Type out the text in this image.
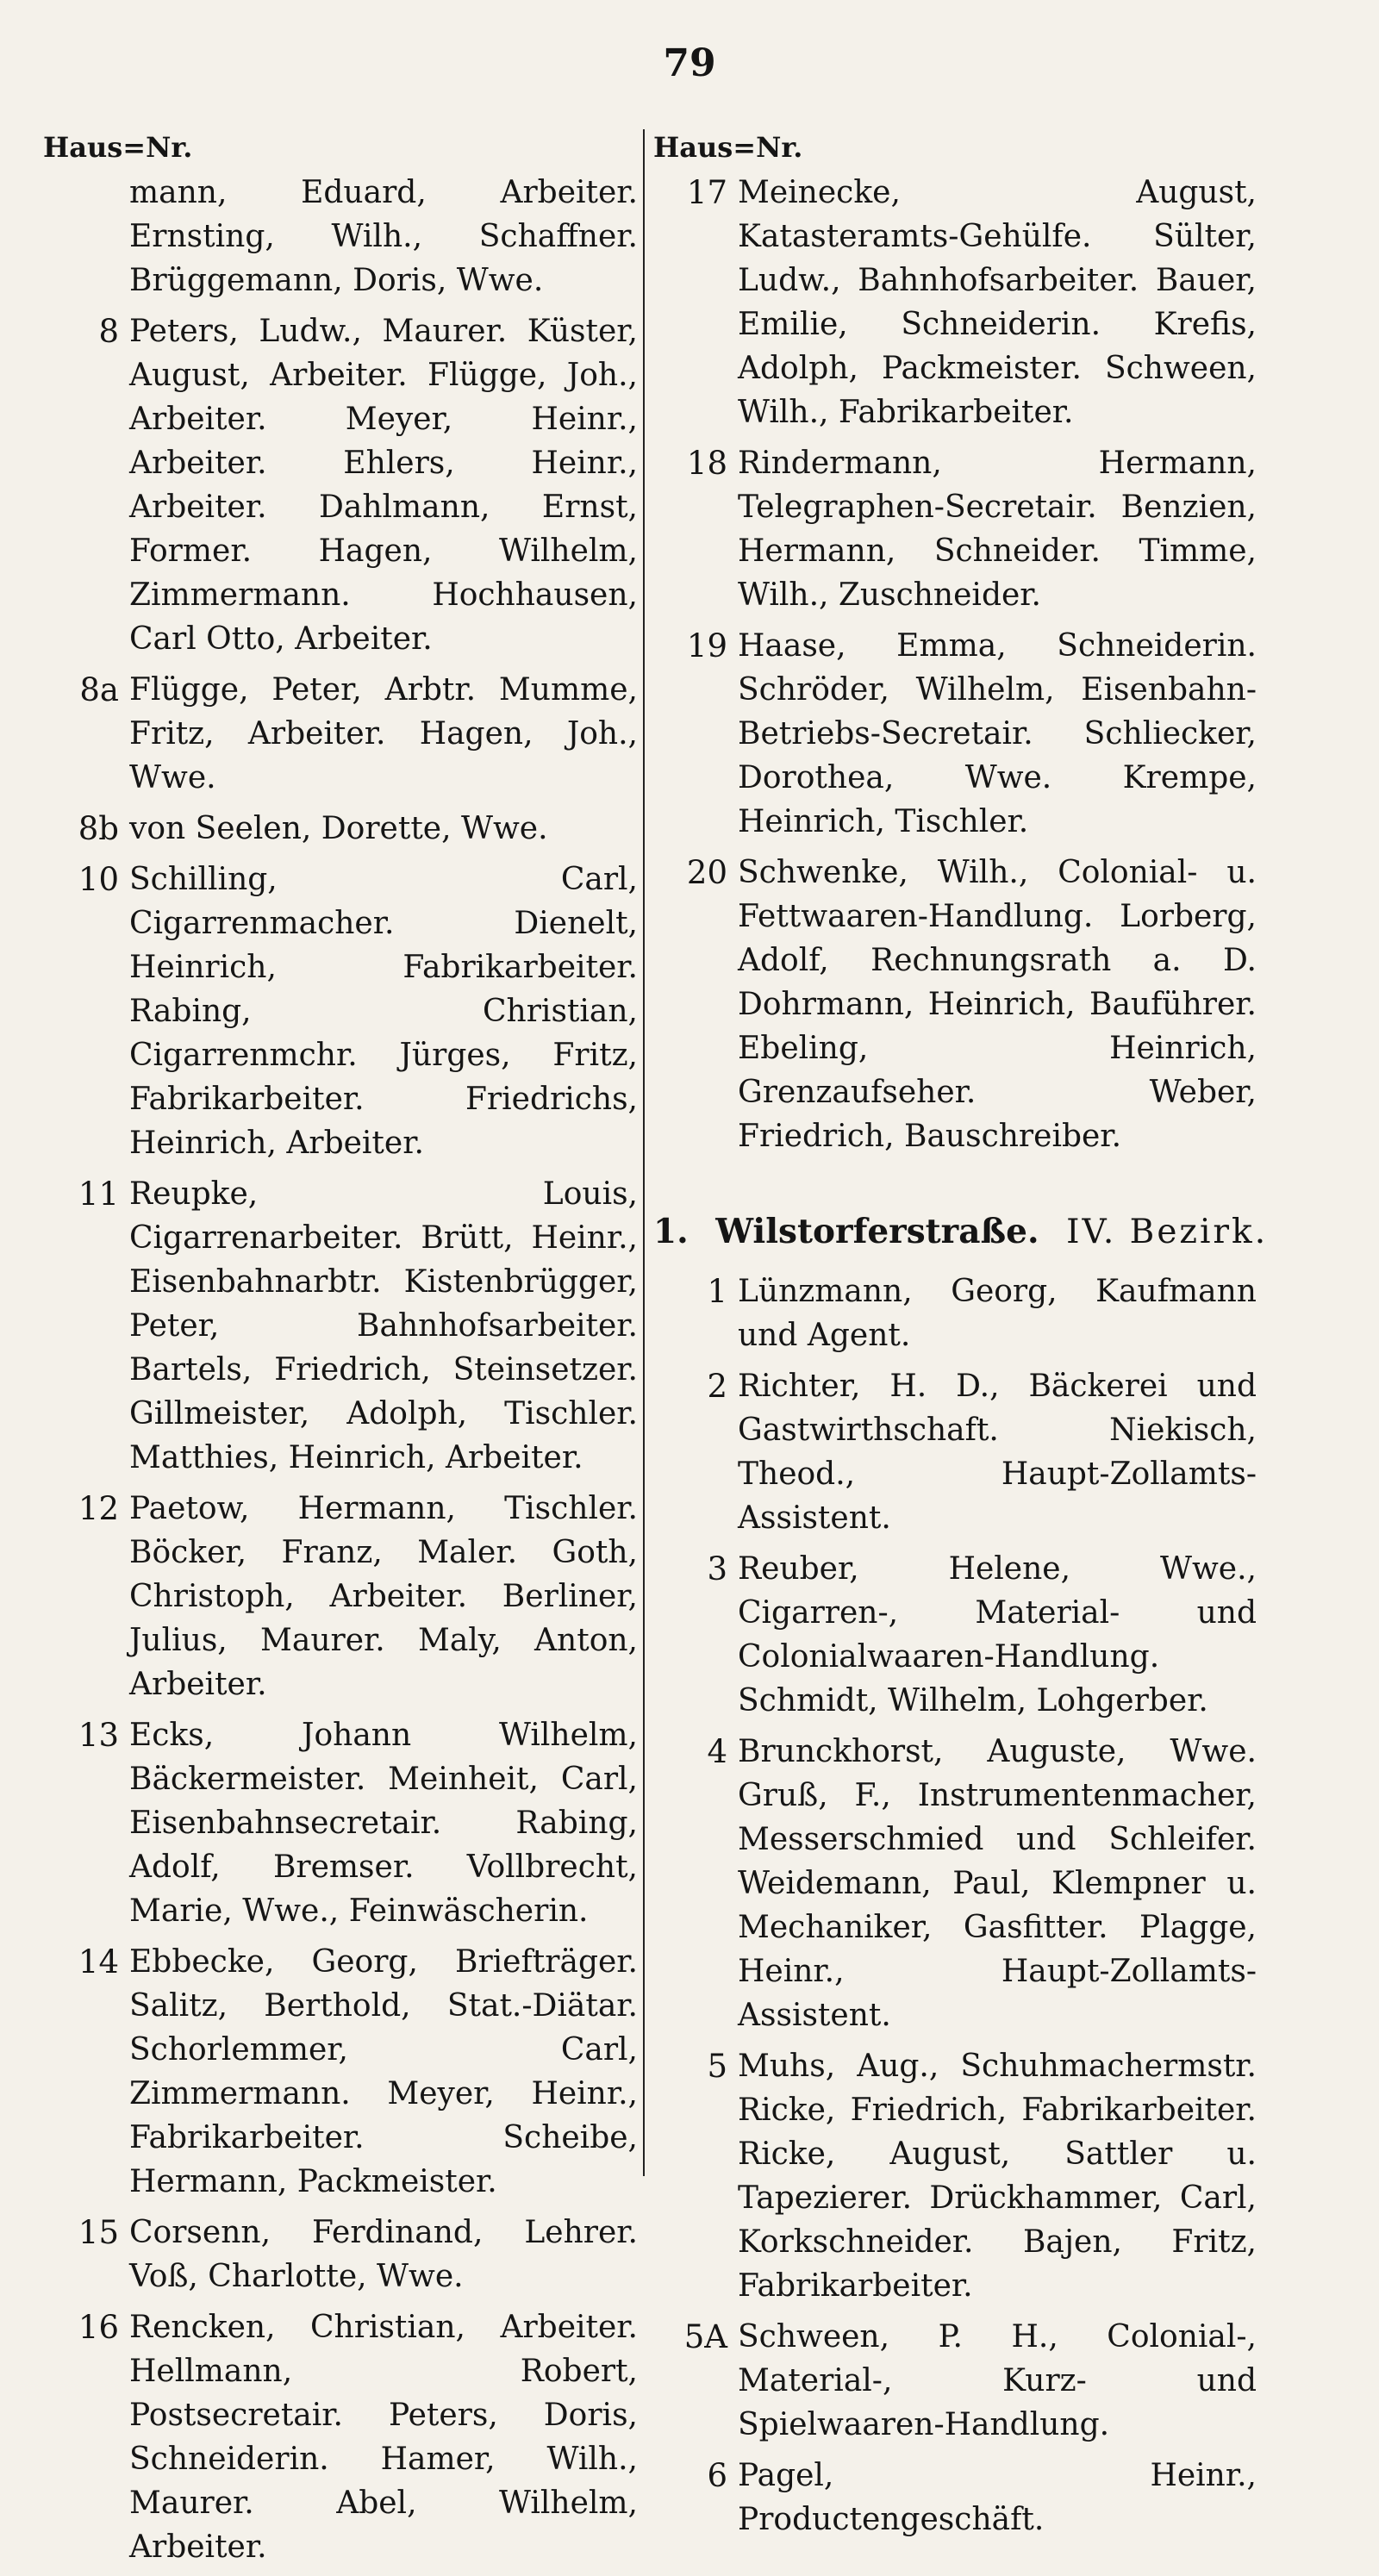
79
Haus=Nr.
mann, Eduard, Arbeiter. Ernsting, Wilh., Schaffner. Brüggemann, Doris, Wwe.
8 Peters, Ludw., Maurer. Küster, August, Arbeiter. Flügge, Joh., Arbeiter. Meyer, Heinr., Arbeiter. Ehlers, Heinr., Arbeiter. Dahlmann, Ernst, Former. Hagen, Wilhelm, Zimmermann. Hochhausen, Carl Otto, Arbeiter.
8a Flügge, Peter, Arbtr. Mumme, Fritz, Arbeiter. Hagen, Joh., Wwe.
8b von Seelen, Dorette, Wwe.
10 Schilling, Carl, Cigarrenmacher. Dienelt, Heinrich, Fabrikarbeiter. Rabing, Christian, Cigarrenmchr. Jürges, Fritz, Fabrikarbeiter. Friedrichs, Heinrich, Arbeiter.
11 Reupke, Louis, Cigarrenarbeiter. Brütt, Heinr., Eisenbahnarbtr. Kistenbrügger, Peter, Bahnhofsarbeiter. Bartels, Friedrich, Steinsetzer. Gillmeister, Adolph, Tischler. Matthies, Heinrich, Arbeiter.
12 Paetow, Hermann, Tischler. Böcker, Franz, Maler. Goth, Christoph, Arbeiter. Berliner, Julius, Maurer. Maly, Anton, Arbeiter.
13 Ecks, Johann Wilhelm, Bäckermeister. Meinheit, Carl, Eisenbahnsecretair. Rabing, Adolf, Bremser. Vollbrecht, Marie, Wwe., Feinwäscherin.
14 Ebbecke, Georg, Briefträger. Salitz, Berthold, Stat.-Diätar. Schorlemmer, Carl, Zimmermann. Meyer, Heinr., Fabrikarbeiter. Scheibe, Hermann, Packmeister.
15 Corsenn, Ferdinand, Lehrer. Voß, Charlotte, Wwe.
16 Rencken, Christian, Arbeiter. Hellmann, Robert, Postsecretair. Peters, Doris, Schneiderin. Hamer, Wilh., Maurer. Abel, Wilhelm, Arbeiter.
Haus=Nr.
17 Meinecke, August, Katasteramts-Gehülfe. Sülter, Ludw., Bahnhofsarbeiter. Bauer, Emilie, Schneiderin. Krefis, Adolph, Packmeister. Schween, Wilh., Fabrikarbeiter.
18 Rindermann, Hermann, Telegraphen-Secretair. Benzien, Hermann, Schneider. Timme, Wilh., Zuschneider.
19 Haase, Emma, Schneiderin. Schröder, Wilhelm, Eisenbahn-Betriebs-Secretair. Schliecker, Dorothea, Wwe. Krempe, Heinrich, Tischler.
20 Schwenke, Wilh., Colonial- u. Fettwaaren-Handlung. Lorberg, Adolf, Rechnungsrath a. D. Dohrmann, Heinrich, Bauführer. Ebeling, Heinrich, Grenzaufseher. Weber, Friedrich, Bauschreiber.
1. Wilstorferstraße. IV. Bezirk.
1 Lünzmann, Georg, Kaufmann und Agent.
2 Richter, H. D., Bäckerei und Gastwirthschaft. Niekisch, Theod., Haupt-Zollamts-Assistent.
3 Reuber, Helene, Wwe., Cigarren-, Material- und Colonialwaaren-Handlung. Schmidt, Wilhelm, Lohgerber.
4 Brunckhorst, Auguste, Wwe. Gruß, F., Instrumentenmacher, Messerschmied und Schleifer. Weidemann, Paul, Klempner u. Mechaniker, Gasfitter. Plagge, Heinr., Haupt-Zollamts-Assistent.
5 Muhs, Aug., Schuhmachermstr. Ricke, Friedrich, Fabrikarbeiter. Ricke, August, Sattler u. Tapezierer. Drückhammer, Carl, Korkschneider. Bajen, Fritz, Fabrikarbeiter.
5A Schween, P. H., Colonial-, Material-, Kurz- und Spielwaaren-Handlung.
6 Pagel, Heinr., Productengeschäft.
